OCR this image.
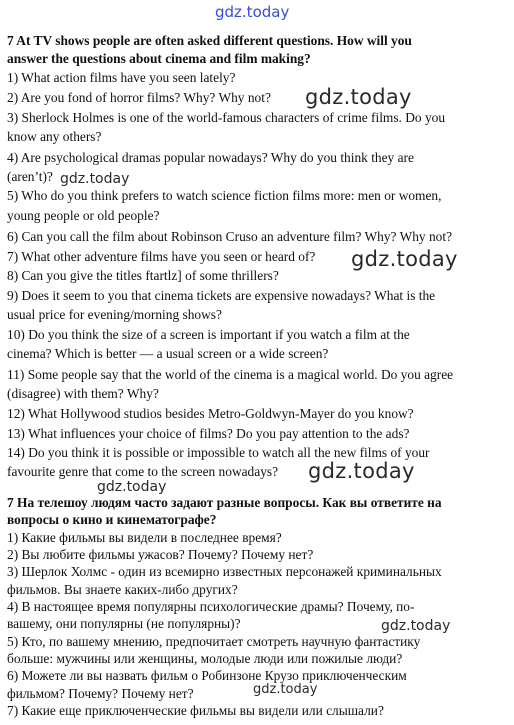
gdz.today
7 At TV shows people are often asked different questions. How will you
answer the questions about cinema and film making?
1) What action films have you seen lately?
2) Are you fond of horror films? Why? Why not?
3) Sherlock Holmes is one of the world-famous characters of crime films. Do you
know any others?
4) Are psychological dramas popular nowadays? Why do you think they are
(aren’t)?
5) Who do you think prefers to watch science fiction films more: men or women,
young people or old people?
6) Can you call the film about Robinson Cruso an adventure film? Why? Why not?
7) What other adventure films have you seen or heard of?
8) Can you give the titles ftartlz] of some thrillers?
9) Does it seem to you that cinema tickets are expensive nowadays? What is the
usual price for evening/morning shows?
10) Do you think the size of a screen is important if you watch a film at the
cinema? Which is better — a usual screen or a wide screen?
11) Some people say that the world of the cinema is a magical world. Do you agree
(disagree) with them? Why?
12) What Hollywood studios besides Metro-Goldwyn-Mayer do you know?
13) What influences your choice of films? Do you pay attention to the ads?
14) Do you think it is possible or impossible to watch all the new films of your
favourite genre that come to the screen nowadays?
7 На телешоу людям часто задают разные вопросы. Как вы ответите на
вопросы о кино и кинематографе?
1) Какие фильмы вы видели в последнее время?
2) Вы любите фильмы ужасов? Почему? Почему нет?
3) Шерлок Холмс - один из всемирно известных персонажей криминальных
фильмов. Вы знаете каких-либо других?
4) В настоящее время популярны психологические драмы? Почему, по-
вашему, они популярны (не популярны)?
5) Кто, по вашему мнению, предпочитает смотреть научную фантастику
больше: мужчины или женщины, молодые люди или пожилые люди?
6) Можете ли вы назвать фильм о Робинзоне Крузо приключенческим
фильмом? Почему? Почему нет?
7) Какие еще приключенческие фильмы вы видели или слышали?
gdz.today
gdz.today
gdz.today
gdz.today
gdz.today
gdz.today
gdz.today
